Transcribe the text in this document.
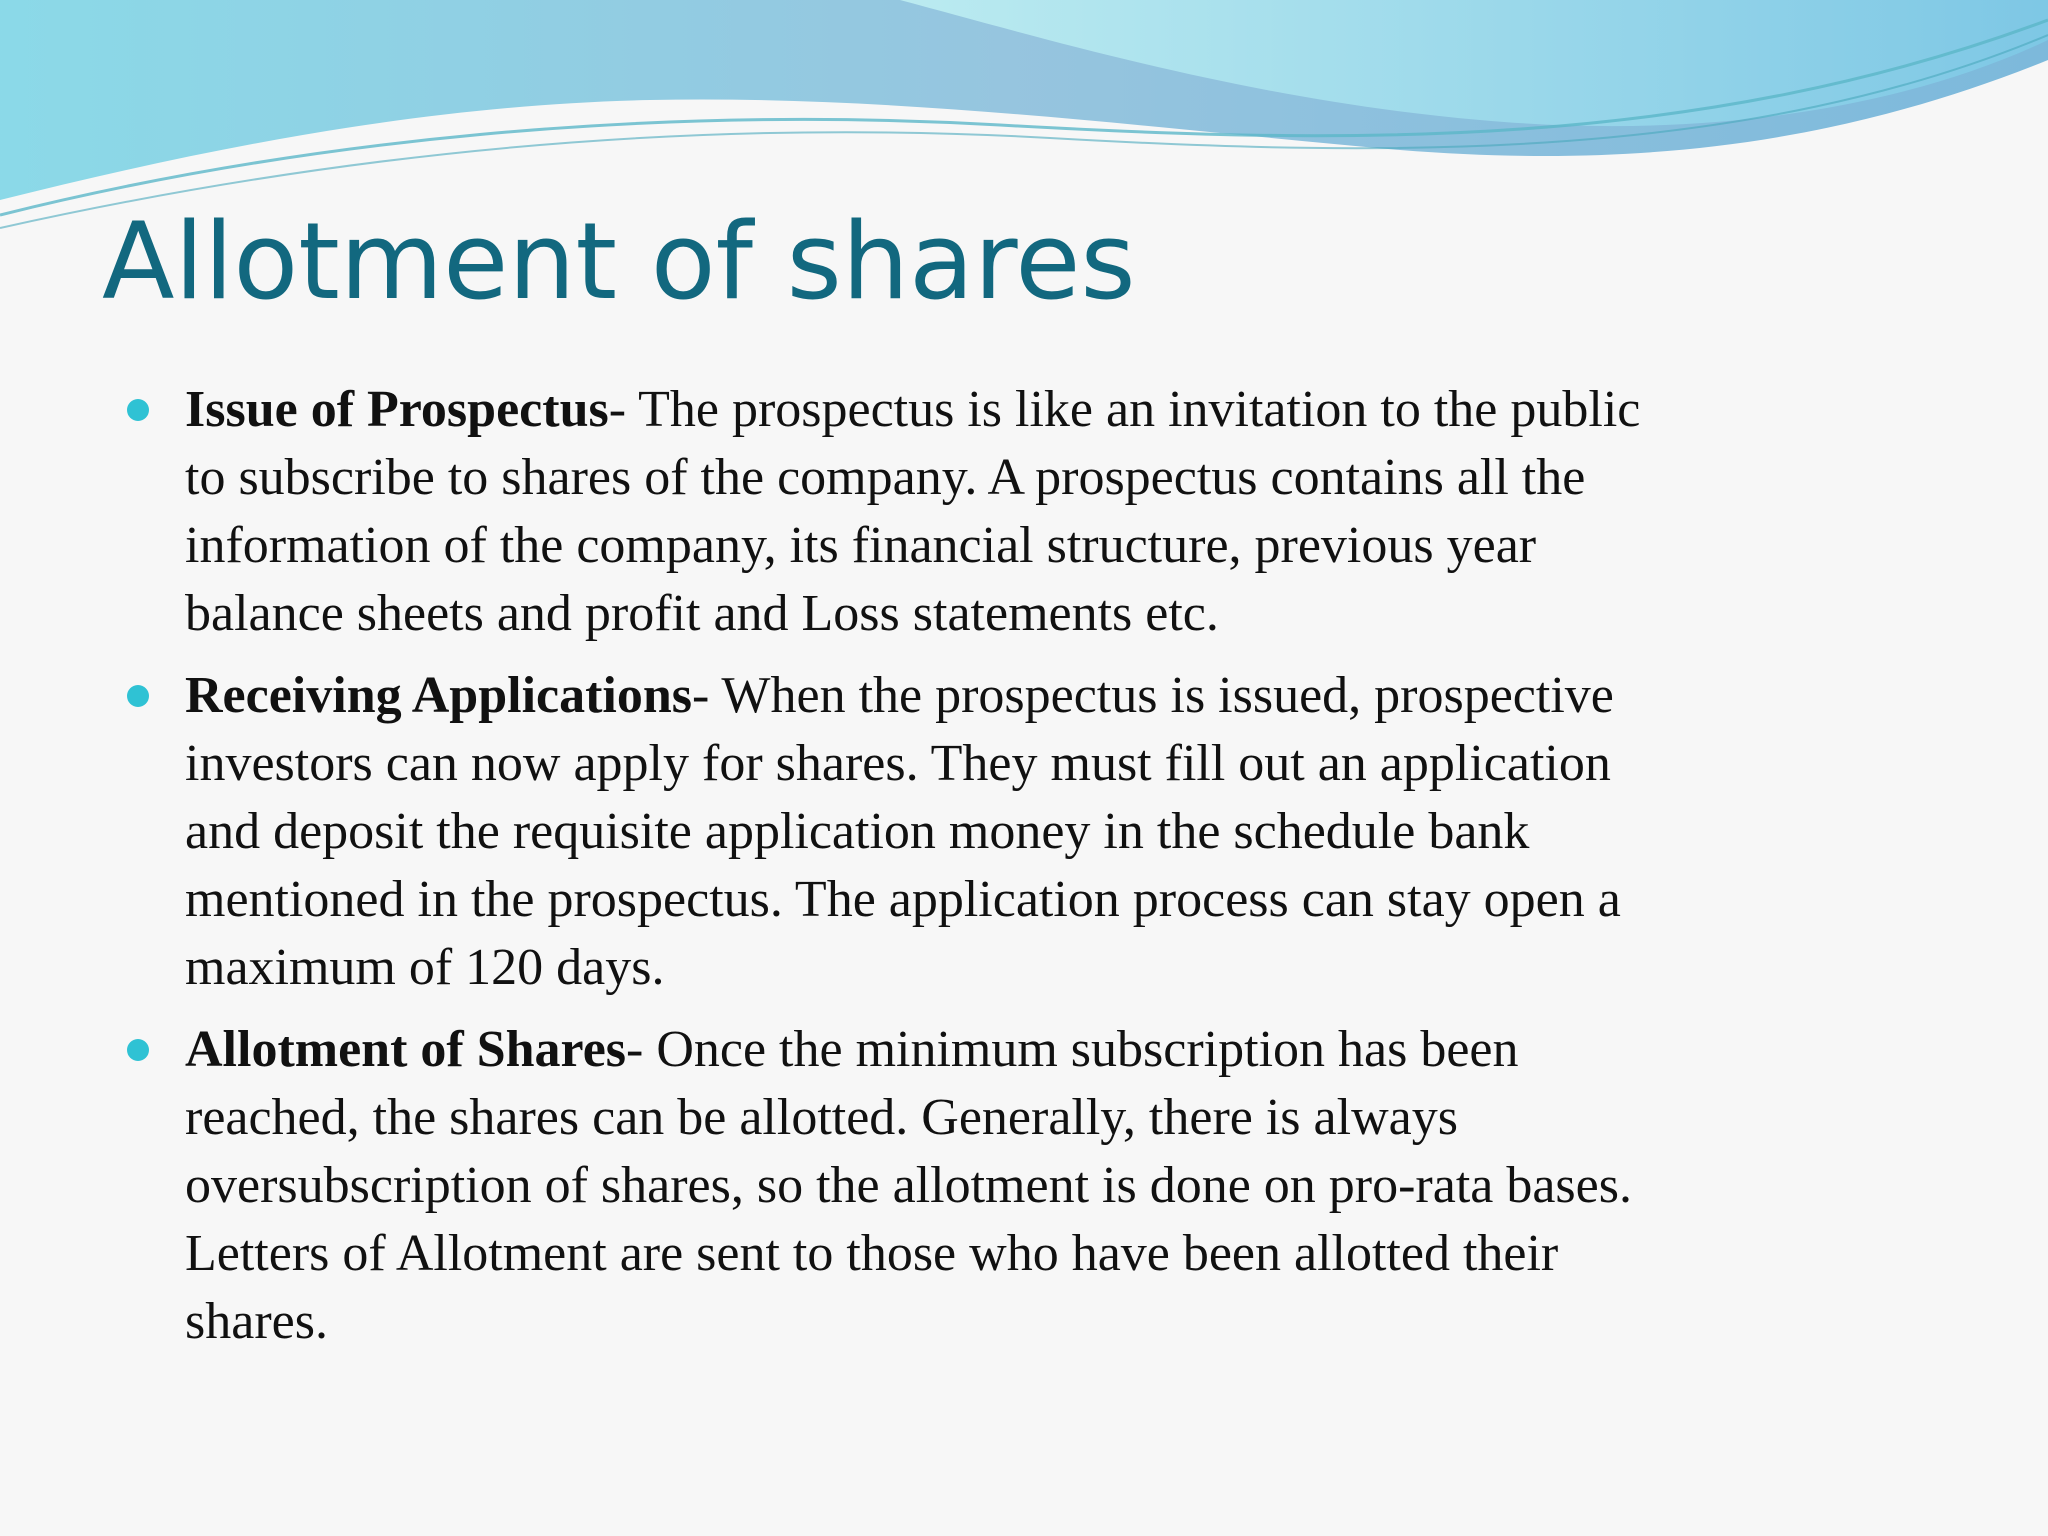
Allotment of shares
Issue of Prospectus- The prospectus is like an invitation to the public
to subscribe to shares of the company. A prospectus contains all the
information of the company, its financial structure, previous year
balance sheets and profit and Loss statements etc.
Receiving Applications- When the prospectus is issued, prospective
investors can now apply for shares. They must fill out an application
and deposit the requisite application money in the schedule bank
mentioned in the prospectus. The application process can stay open a
maximum of 120 days.
Allotment of Shares- Once the minimum subscription has been
reached, the shares can be allotted. Generally, there is always
oversubscription of shares, so the allotment is done on pro-rata bases.
Letters of Allotment are sent to those who have been allotted their
shares.
